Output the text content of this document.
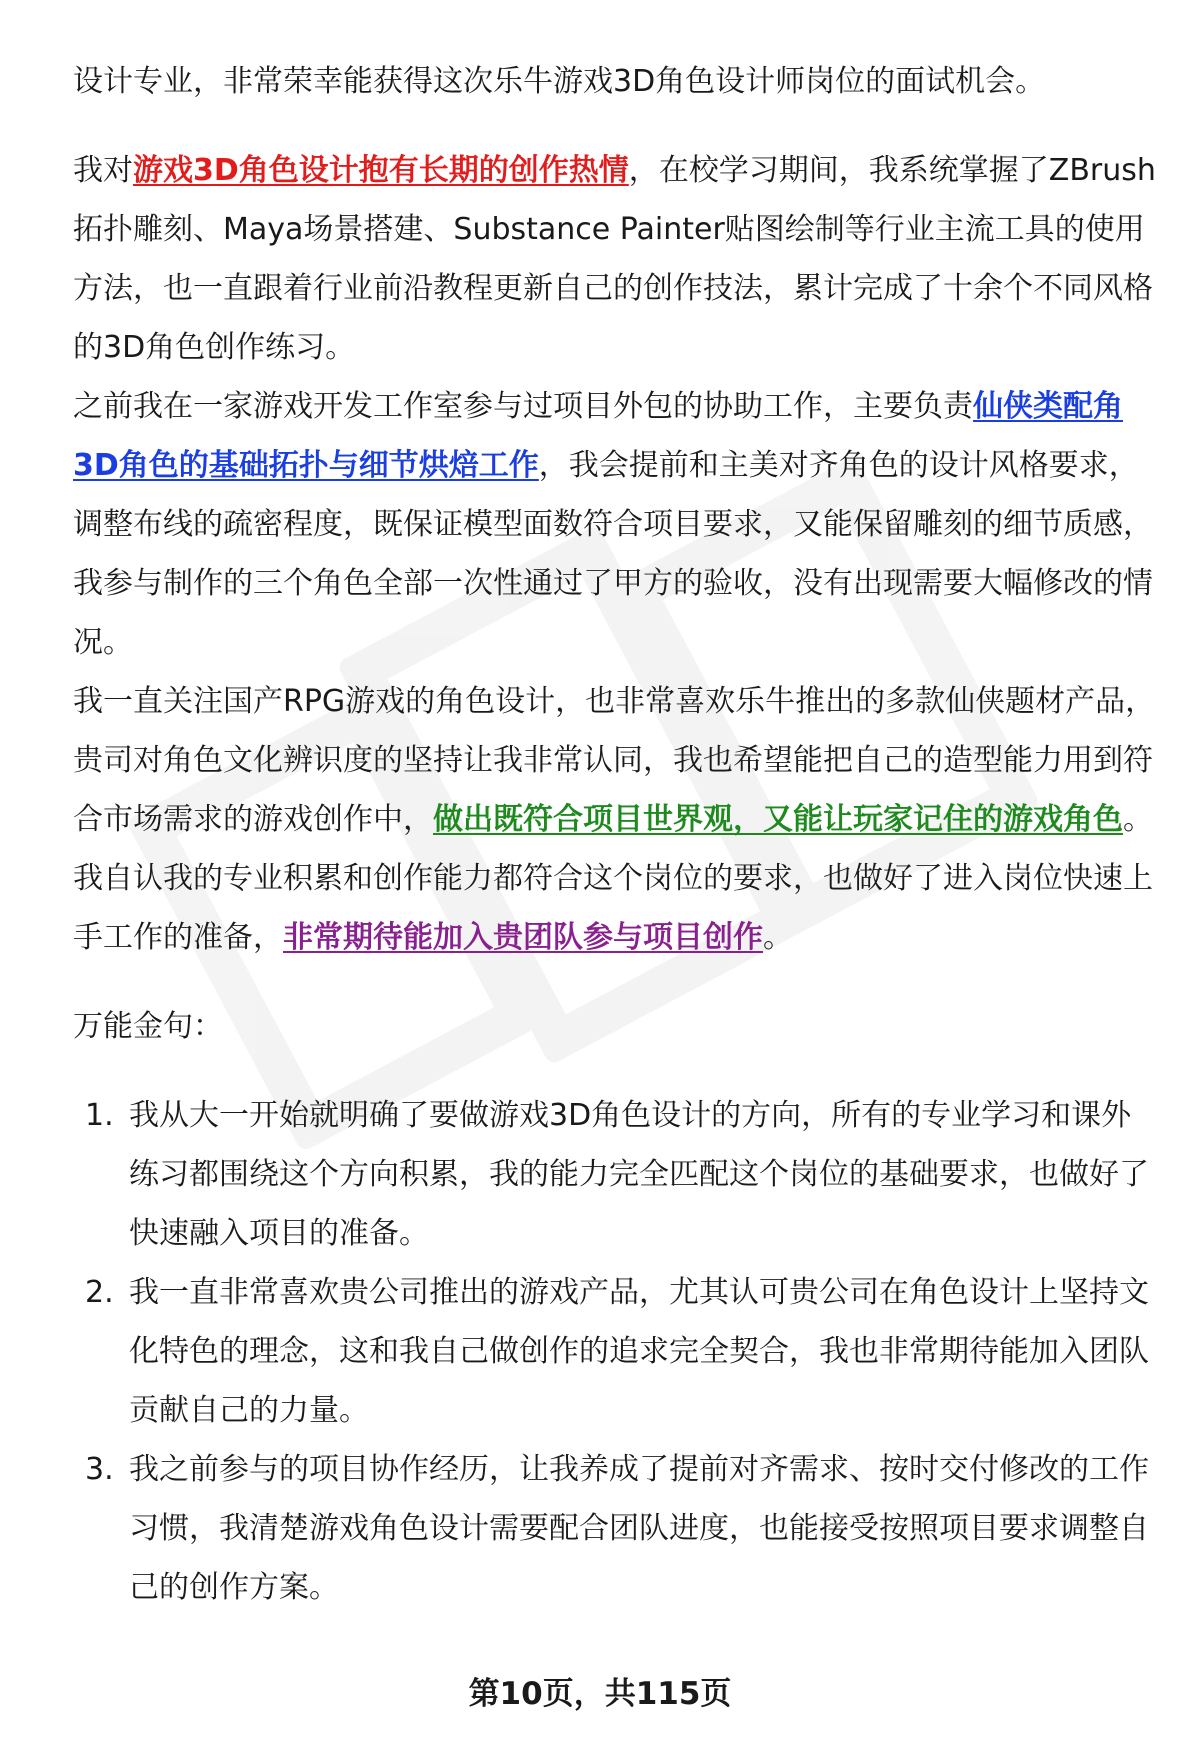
设计专业，非常荣幸能获得这次乐牛游戏3D角色设计师岗位的面试机会。

我对游戏3D角色设计抱有长期的创作热情，在校学习期间，我系统掌握了ZBrush拓扑雕刻、Maya场景搭建、Substance Painter贴图绘制等行业主流工具的使用方法，也一直跟着行业前沿教程更新自己的创作技法，累计完成了十余个不同风格的3D角色创作练习。

之前我在一家游戏开发工作室参与过项目外包的协助工作，主要负责仙侠类配角3D角色的基础拓扑与细节烘焙工作，我会提前和主美对齐角色的设计风格要求，调整布线的疏密程度，既保证模型面数符合项目要求，又能保留雕刻的细节质感，我参与制作的三个角色全部一次性通过了甲方的验收，没有出现需要大幅修改的情况。

我一直关注国产RPG游戏的角色设计，也非常喜欢乐牛推出的多款仙侠题材产品，贵司对角色文化辨识度的坚持让我非常认同，我也希望能把自己的造型能力用到符合市场需求的游戏创作中，做出既符合项目世界观，又能让玩家记住的游戏角色。

我自认我的专业积累和创作能力都符合这个岗位的要求，也做好了进入岗位快速上手工作的准备，非常期待能加入贵团队参与项目创作。

万能金句：

1. 我从大一开始就明确了要做游戏3D角色设计的方向，所有的专业学习和课外练习都围绕这个方向积累，我的能力完全匹配这个岗位的基础要求，也做好了快速融入项目的准备。
2. 我一直非常喜欢贵公司推出的游戏产品，尤其认可贵公司在角色设计上坚持文化特色的理念，这和我自己做创作的追求完全契合，我也非常期待能加入团队贡献自己的力量。
3. 我之前参与的项目协作经历，让我养成了提前对齐需求、按时交付修改的工作习惯，我清楚游戏角色设计需要配合团队进度，也能接受按照项目要求调整自己的创作方案。
第10页，共115页
